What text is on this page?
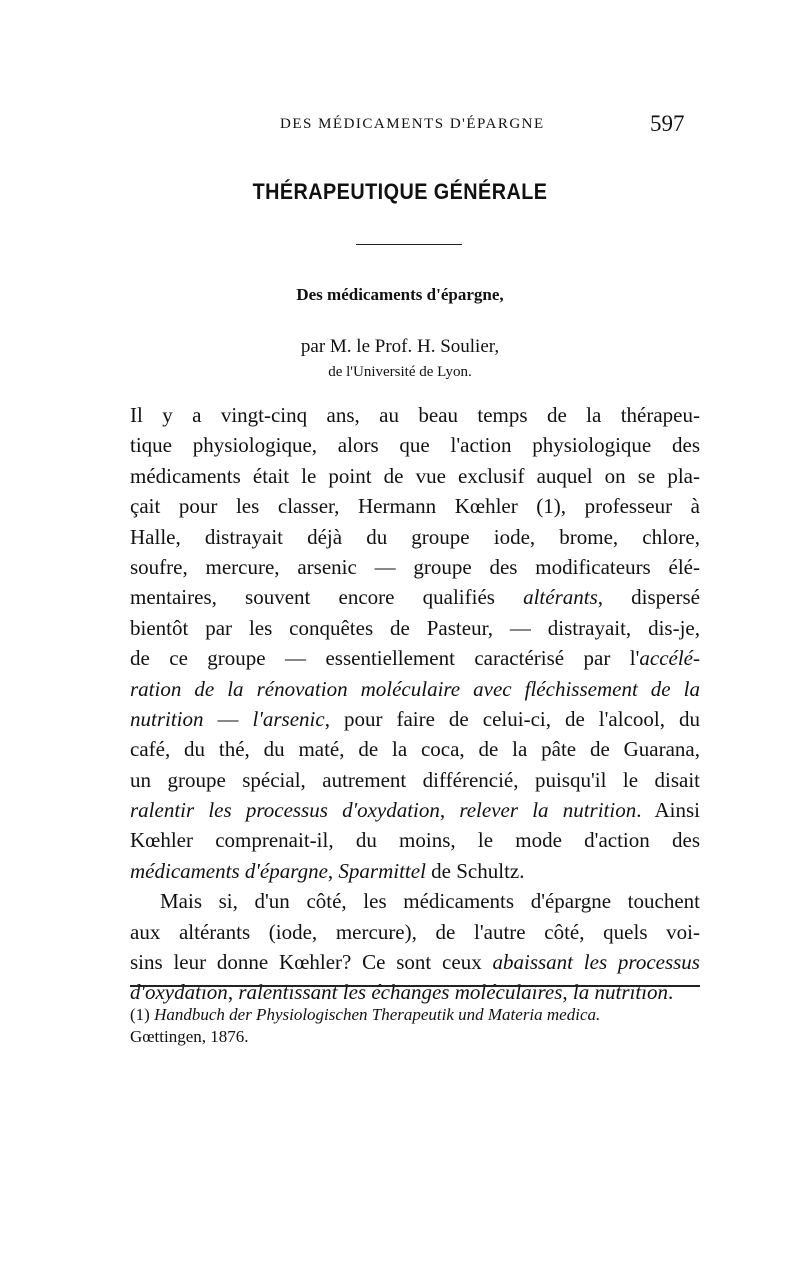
DES MÉDICAMENTS D'ÉPARGNE	597
THÉRAPEUTIQUE GÉNÉRALE
Des médicaments d'épargne,
par M. le Prof. H. Soulier,
de l'Université de Lyon.
Il y a vingt-cinq ans, au beau temps de la thérapeu-
tique physiologique, alors que l'action physiologique des
médicaments était le point de vue exclusif auquel on se pla-
çait pour les classer, Hermann Kœhler (1), professeur à
Halle, distrayait déjà du groupe iode, brome, chlore,
soufre, mercure, arsenic — groupe des modificateurs élé-
mentaires, souvent encore qualifiés altérants, dispersé
bientôt par les conquêtes de Pasteur, — distrayait, dis-je,
de ce groupe — essentiellement caractérisé par l'accélé-
ration de la rénovation moléculaire avec fléchissement de la
nutrition — l'arsenic, pour faire de celui-ci, de l'alcool, du
café, du thé, du maté, de la coca, de la pâte de Guarana,
un groupe spécial, autrement différencié, puisqu'il le disait
ralentir les processus d'oxydation, relever la nutrition. Ainsi
Kœhler comprenait-il, du moins, le mode d'action des
médicaments d'épargne, Sparmittel de Schultz.
Mais si, d'un côté, les médicaments d'épargne touchent
aux altérants (iode, mercure), de l'autre côté, quels voi-
sins leur donne Kœhler? Ce sont ceux abaissant les processus
d'oxydation, ralentissant les échanges moléculaires, la nutrition.
(1) Handbuch der Physiologischen Therapeutik und Materia medica.
Gœttingen, 1876.
